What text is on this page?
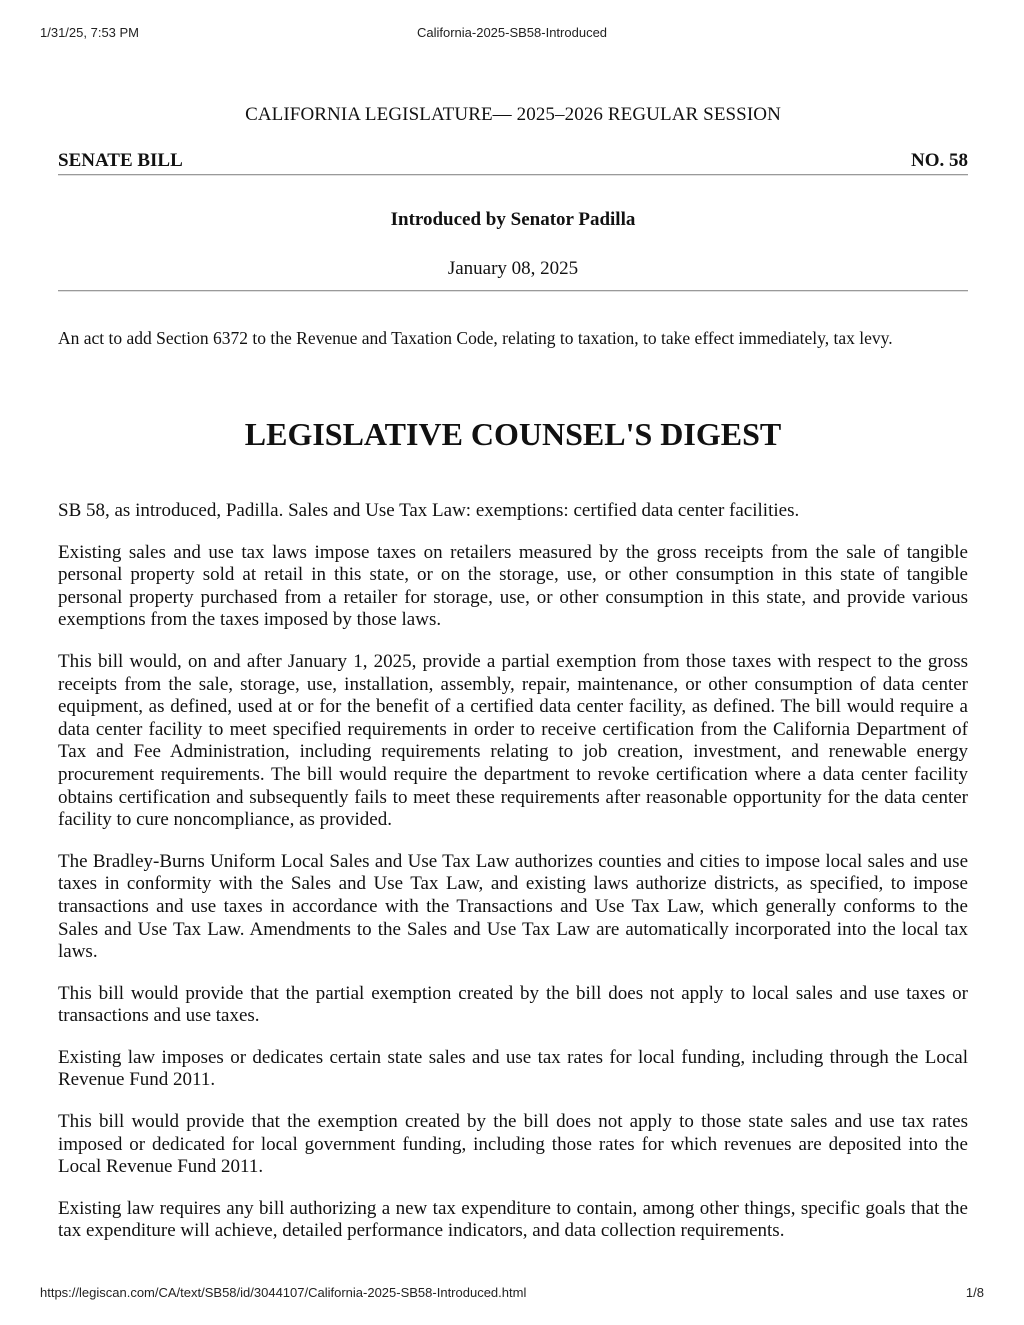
1/31/25, 7:53 PM	California-2025-SB58-Introduced
CALIFORNIA LEGISLATURE— 2025–2026 REGULAR SESSION
SENATE BILL	NO. 58
Introduced by Senator Padilla
January 08, 2025
An act to add Section 6372 to the Revenue and Taxation Code, relating to taxation, to take effect immediately, tax levy.
LEGISLATIVE COUNSEL'S DIGEST

SB 58, as introduced, Padilla. Sales and Use Tax Law: exemptions: certified data center facilities.

Existing sales and use tax laws impose taxes on retailers measured by the gross receipts from the sale of tangible personal property sold at retail in this state, or on the storage, use, or other consumption in this state of tangible personal property purchased from a retailer for storage, use, or other consumption in this state, and provide various exemptions from the taxes imposed by those laws.

This bill would, on and after January 1, 2025, provide a partial exemption from those taxes with respect to the gross receipts from the sale, storage, use, installation, assembly, repair, maintenance, or other consumption of data center equipment, as defined, used at or for the benefit of a certified data center facility, as defined. The bill would require a data center facility to meet specified requirements in order to receive certification from the California Department of Tax and Fee Administration, including requirements relating to job creation, investment, and renewable energy procurement requirements. The bill would require the department to revoke certification where a data center facility obtains certification and subsequently fails to meet these requirements after reasonable opportunity for the data center facility to cure noncompliance, as provided.

The Bradley-Burns Uniform Local Sales and Use Tax Law authorizes counties and cities to impose local sales and use taxes in conformity with the Sales and Use Tax Law, and existing laws authorize districts, as specified, to impose transactions and use taxes in accordance with the Transactions and Use Tax Law, which generally conforms to the Sales and Use Tax Law. Amendments to the Sales and Use Tax Law are automatically incorporated into the local tax laws.

This bill would provide that the partial exemption created by the bill does not apply to local sales and use taxes or transactions and use taxes.

Existing law imposes or dedicates certain state sales and use tax rates for local funding, including through the Local Revenue Fund 2011.

This bill would provide that the exemption created by the bill does not apply to those state sales and use tax rates imposed or dedicated for local government funding, including those rates for which revenues are deposited into the Local Revenue Fund 2011.

Existing law requires any bill authorizing a new tax expenditure to contain, among other things, specific goals that the tax expenditure will achieve, detailed performance indicators, and data collection requirements.

https://legiscan.com/CA/text/SB58/id/3044107/California-2025-SB58-Introduced.html	1/8
